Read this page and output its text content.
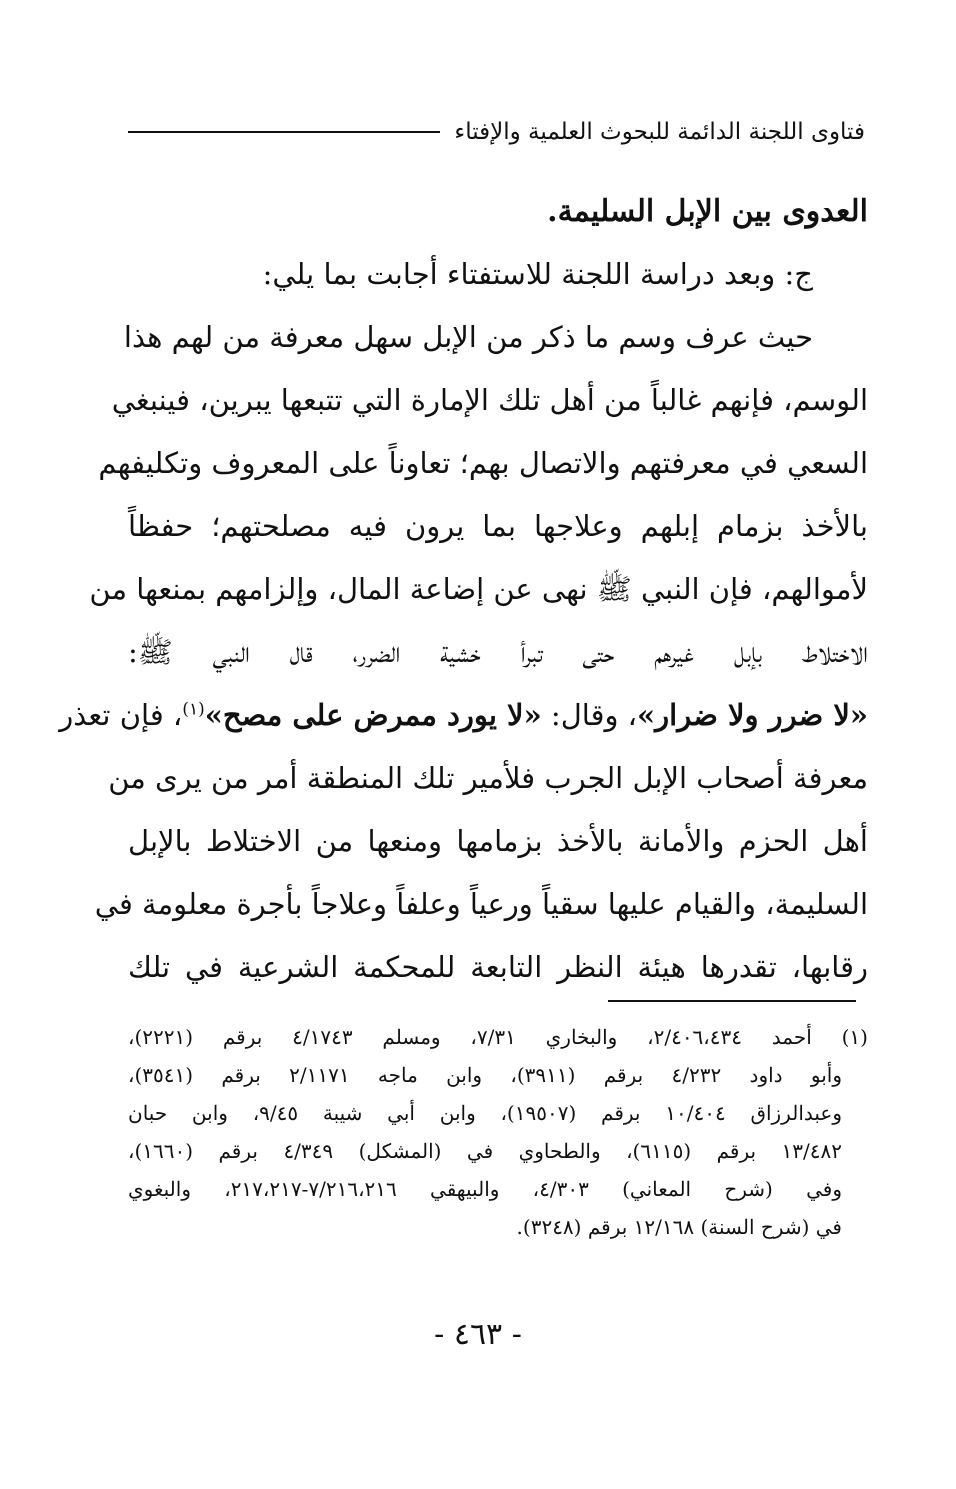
فتاوى اللجنة الدائمة للبحوث العلمية والإفتاء
العدوى بين الإبل السليمة.
ج: وبعد دراسة اللجنة للاستفتاء أجابت بما يلي:
حيث عرف وسم ما ذكر من الإبل سهل معرفة من لهم هذا
الوسم، فإنهم غالباً من أهل تلك الإمارة التي تتبعها يبرين، فينبغي
السعي في معرفتهم والاتصال بهم؛ تعاوناً على المعروف وتكليفهم
بالأخذ بزمام إبلهم وعلاجها بما يرون فيه مصلحتهم؛ حفظاً
لأموالهم، فإن النبي ﷺ نهى عن إضاعة المال، وإلزامهم بمنعها من
الاختلاط بإبل غيرهم حتى تبرأ خشية الضرر، قال النبي ﷺ:
«لا ضرر ولا ضرار»، وقال: «لا يورد ممرض على مصح»$^{(١)}$، فإن تعذر
معرفة أصحاب الإبل الجرب فلأمير تلك المنطقة أمر من يرى من
أهل الحزم والأمانة بالأخذ بزمامها ومنعها من الاختلاط بالإبل
السليمة، والقيام عليها سقياً ورعياً وعلفاً وعلاجاً بأجرة معلومة في
رقابها، تقدرها هيئة النظر التابعة للمحكمة الشرعية في تلك
(١) أحمد ٢/٤٠٦،٤٣٤، والبخاري ٧/٣١، ومسلم ٤/١٧٤٣ برقم (٢٢٢١)،
وأبو داود ٤/٢٣٢ برقم (٣٩١١)، وابن ماجه ٢/١١٧١ برقم (٣٥٤١)،
وعبدالرزاق ١٠/٤٠٤ برقم (١٩٥٠٧)، وابن أبي شيبة ٩/٤٥، وابن حبان
١٣/٤٨٢ برقم (٦١١٥)، والطحاوي في (المشكل) ٤/٣٤٩ برقم (١٦٦٠)،
وفي (شرح المعاني) ٤/٣٠٣، والبيهقي ٧/٢١٦،٢١٦-٢١٧،٢١٧، والبغوي
في (شرح السنة) ١٢/١٦٨ برقم (٣٢٤٨).
- ٤٦٣ -
